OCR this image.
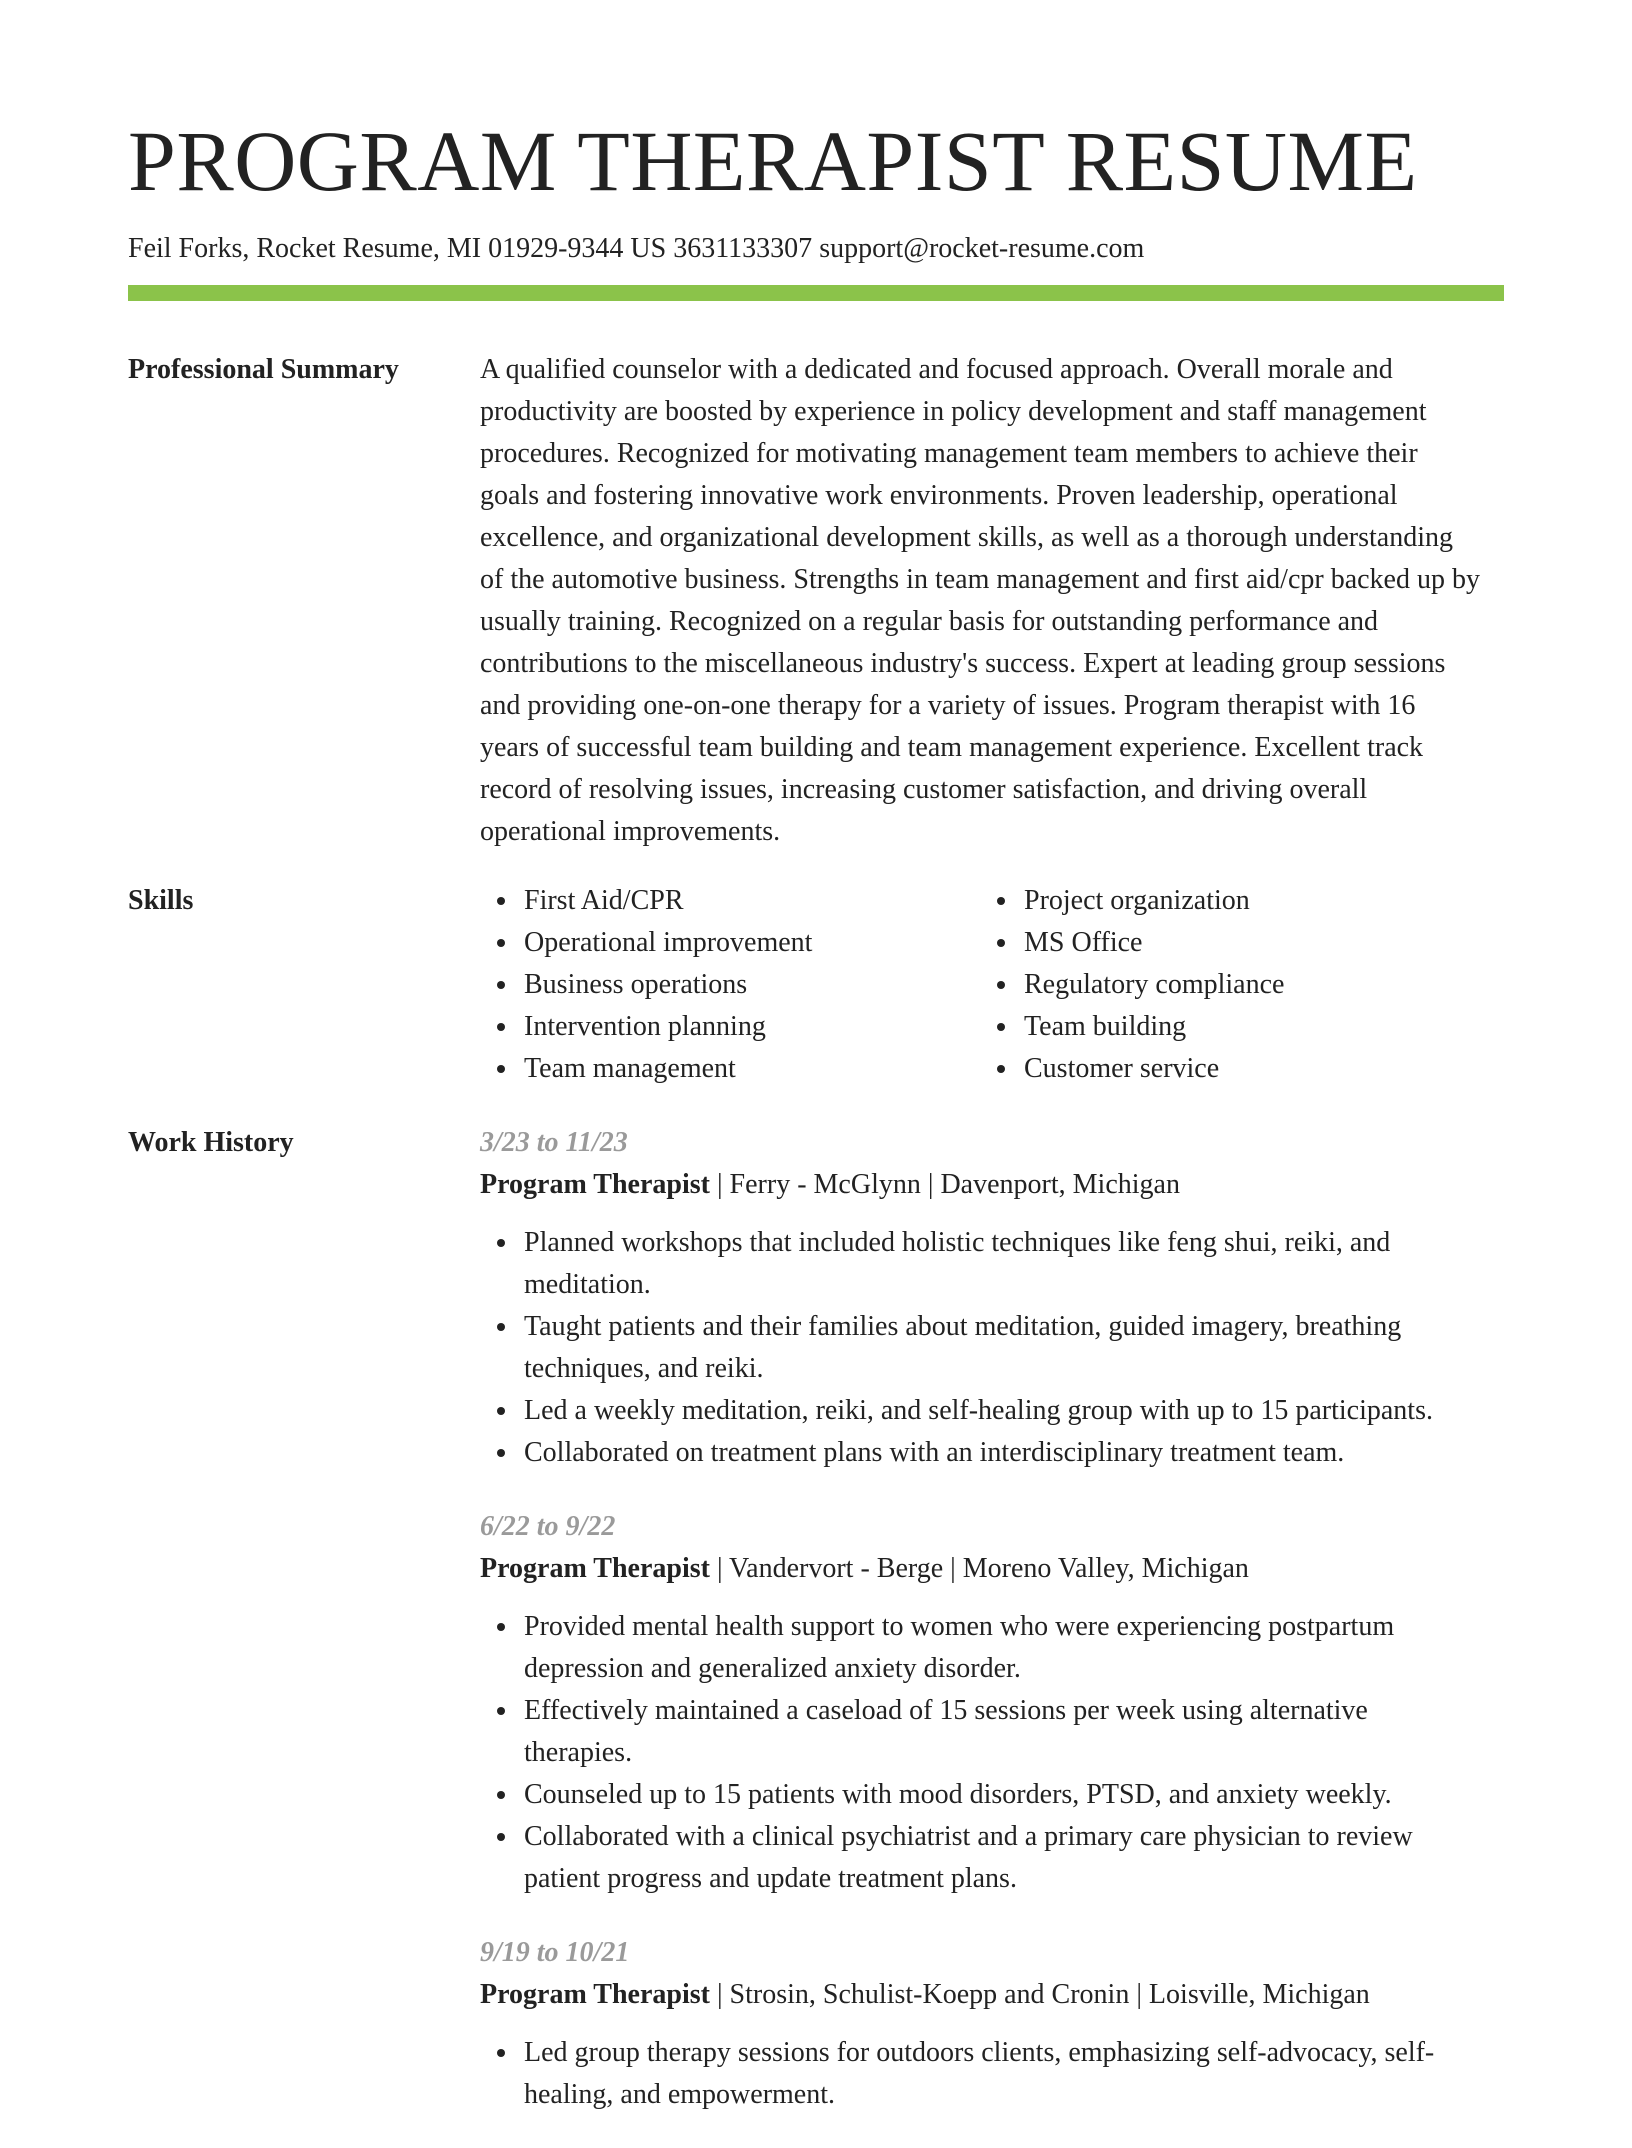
PROGRAM THERAPIST RESUME
Feil Forks, Rocket Resume, MI 01929-9344 US 3631133307 support@rocket-resume.com
Professional Summary	A qualified counselor with a dedicated and focused approach. Overall morale and productivity are boosted by experience in policy development and staff management procedures. Recognized for motivating management team members to achieve their goals and fostering innovative work environments. Proven leadership, operational excellence, and organizational development skills, as well as a thorough understanding of the automotive business. Strengths in team management and first aid/cpr backed up by usually training. Recognized on a regular basis for outstanding performance and contributions to the miscellaneous industry's success. Expert at leading group sessions and providing one-on-one therapy for a variety of issues. Program therapist with 16 years of successful team building and team management experience. Excellent track record of resolving issues, increasing customer satisfaction, and driving overall operational improvements.

Skills	First Aid/CPR
Operational improvement
Business operations
Intervention planning
Team management
Project organization
MS Office
Regulatory compliance
Team building
Customer service
Work History	3/23 to 11/23
Program Therapist | Ferry - McGlynn | Davenport, Michigan
Planned workshops that included holistic techniques like feng shui, reiki, and meditation.
Taught patients and their families about meditation, guided imagery, breathing techniques, and reiki.
Led a weekly meditation, reiki, and self-healing group with up to 15 participants.
Collaborated on treatment plans with an interdisciplinary treatment team.
6/22 to 9/22
Program Therapist | Vandervort - Berge | Moreno Valley, Michigan
Provided mental health support to women who were experiencing postpartum depression and generalized anxiety disorder.
Effectively maintained a caseload of 15 sessions per week using alternative therapies.
Counseled up to 15 patients with mood disorders, PTSD, and anxiety weekly.
Collaborated with a clinical psychiatrist and a primary care physician to review patient progress and update treatment plans.
9/19 to 10/21
Program Therapist | Strosin, Schulist-Koepp and Cronin | Loisville, Michigan
Led group therapy sessions for outdoors clients, emphasizing self-advocacy, self-healing, and empowerment.
